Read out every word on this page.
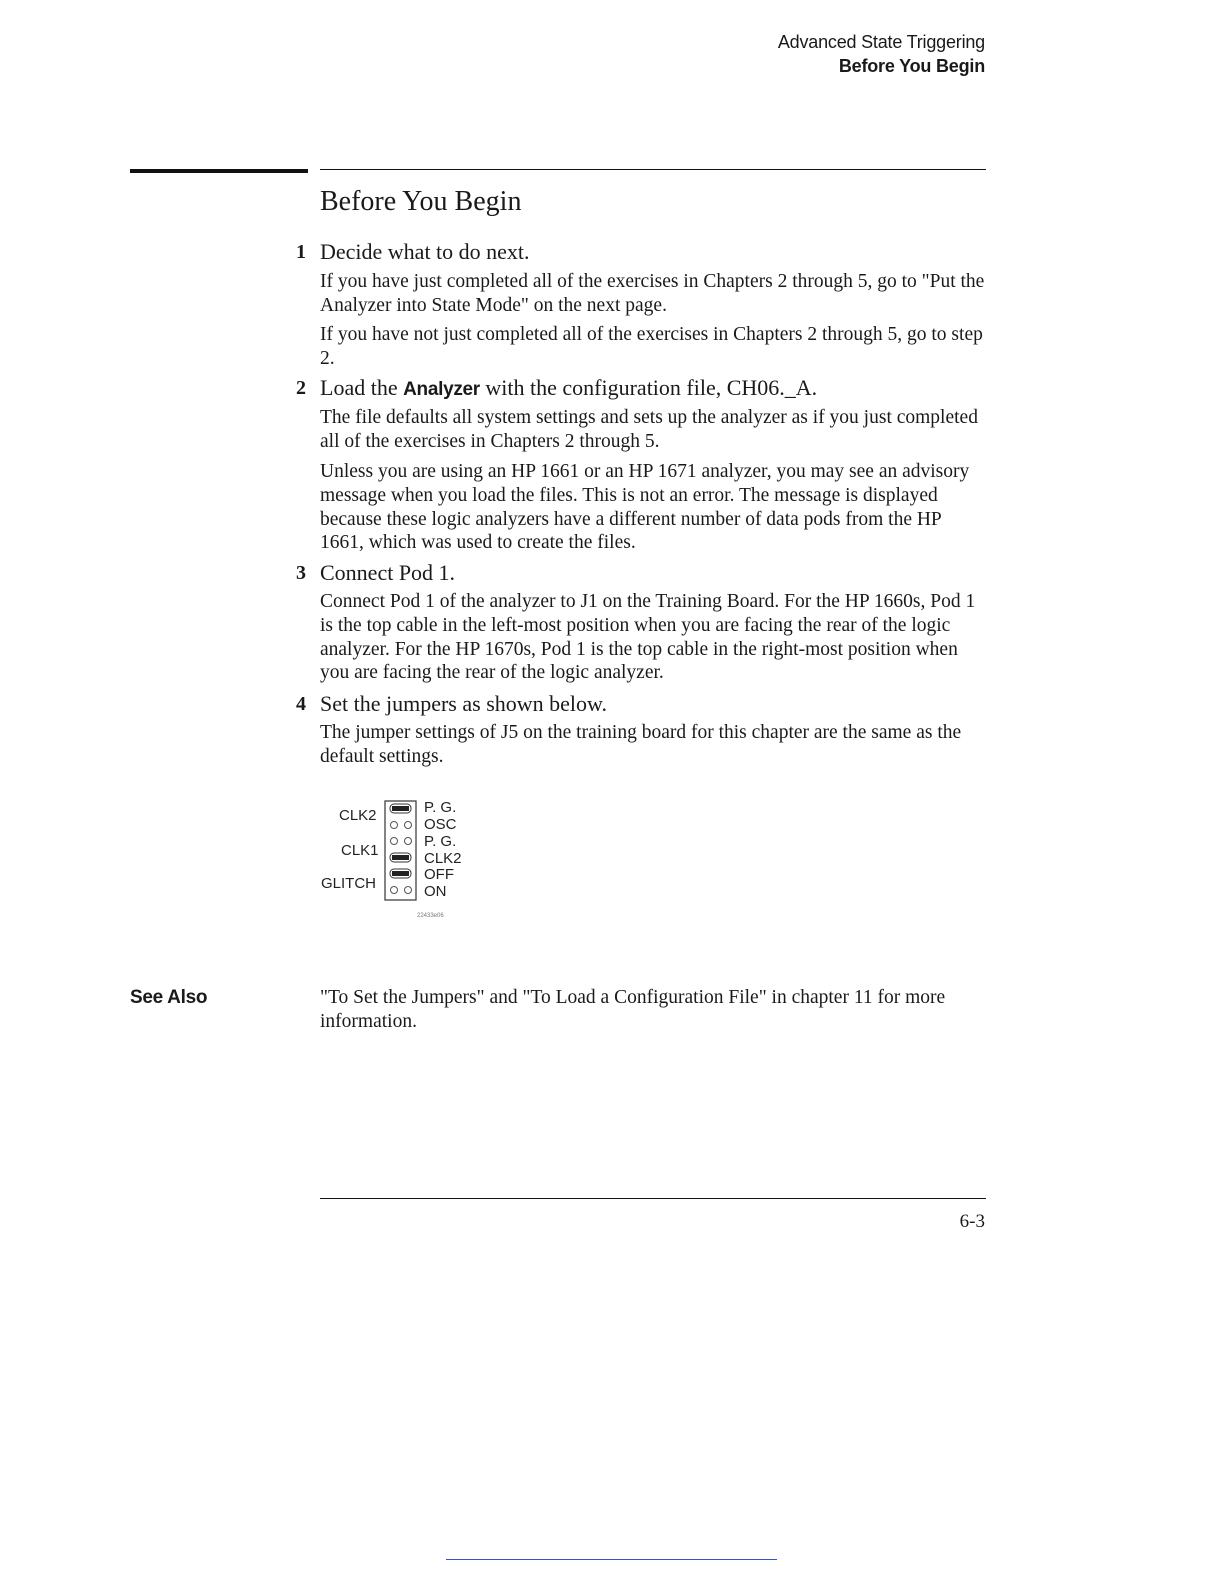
Advanced State Triggering
Before You Begin
Before You Begin
1 Decide what to do next.
If you have just completed all of the exercises in Chapters 2 through 5, go to "Put the Analyzer into State Mode" on the next page.
If you have not just completed all of the exercises in Chapters 2 through 5, go to step 2.
2 Load the Analyzer with the configuration file, CH06._A.
The file defaults all system settings and sets up the analyzer as if you just completed all of the exercises in Chapters 2 through 5.
Unless you are using an HP 1661 or an HP 1671 analyzer, you may see an advisory message when you load the files. This is not an error. The message is displayed because these logic analyzers have a different number of data pods from the HP 1661, which was used to create the files.
3 Connect Pod 1.
Connect Pod 1 of the analyzer to J1 on the Training Board. For the HP 1660s, Pod 1 is the top cable in the left-most position when you are facing the rear of the logic analyzer. For the HP 1670s, Pod 1 is the top cable in the right-most position when you are facing the rear of the logic analyzer.
4 Set the jumpers as shown below.
The jumper settings of J5 on the training board for this chapter are the same as the default settings.
CLK2
CLK1
GLITCH
P. G.
OSC
P. G.
CLK2
OFF
ON
22433e06
See Also	"To Set the Jumpers" and "To Load a Configuration File" in chapter 11 for more information.
6-3
